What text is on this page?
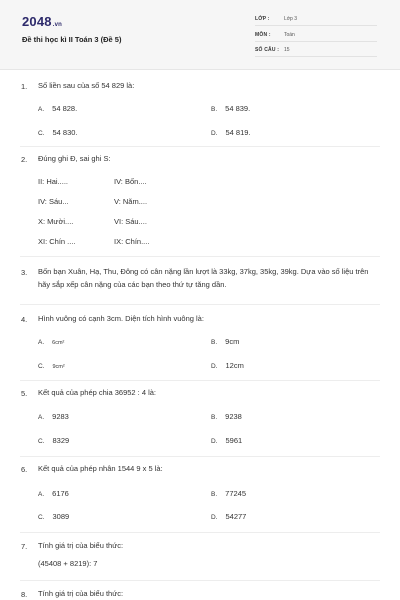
2048.vn
Đề thi học kì II Toán 3 (Đề 5)
LỚP :	Lớp 3
MÔN :	Toán
SỐ CÂU : 15
1. Số liền sau của số 54 829 là:
A. 54 828.	B. 54 839.
C. 54 830.	D. 54 819.
2. Đúng ghi Đ, sai ghi S:
II: Hai.....	IV: Bốn....
IV: Sáu...	V: Năm....
X: Mười....	VI: Sáu....
XI: Chín ....	IX: Chín....
3. Bốn bạn Xuân, Hạ, Thu, Đông có cân nặng lần lượt là 33kg, 37kg, 35kg, 39kg. Dựa vào số liệu trên hãy sắp xếp cân nặng của các bạn theo thứ tự tăng dần.
4. Hình vuông có cạnh 3cm. Diện tích hình vuông là:
A. 6cm²	B. 9cm
C. 9cm²	D. 12cm
5. Kết quả của phép chia 36952 : 4 là:
A. 9283	B. 9238
C. 8329	D. 5961
6. Kết quả của phép nhân 1544 9 x 5 là:
A. 6176	B. 77245
C. 3089	D. 54277
7. Tính giá trị của biểu thức:
(45408 + 8219): 7
8. Tính giá trị của biểu thức:
